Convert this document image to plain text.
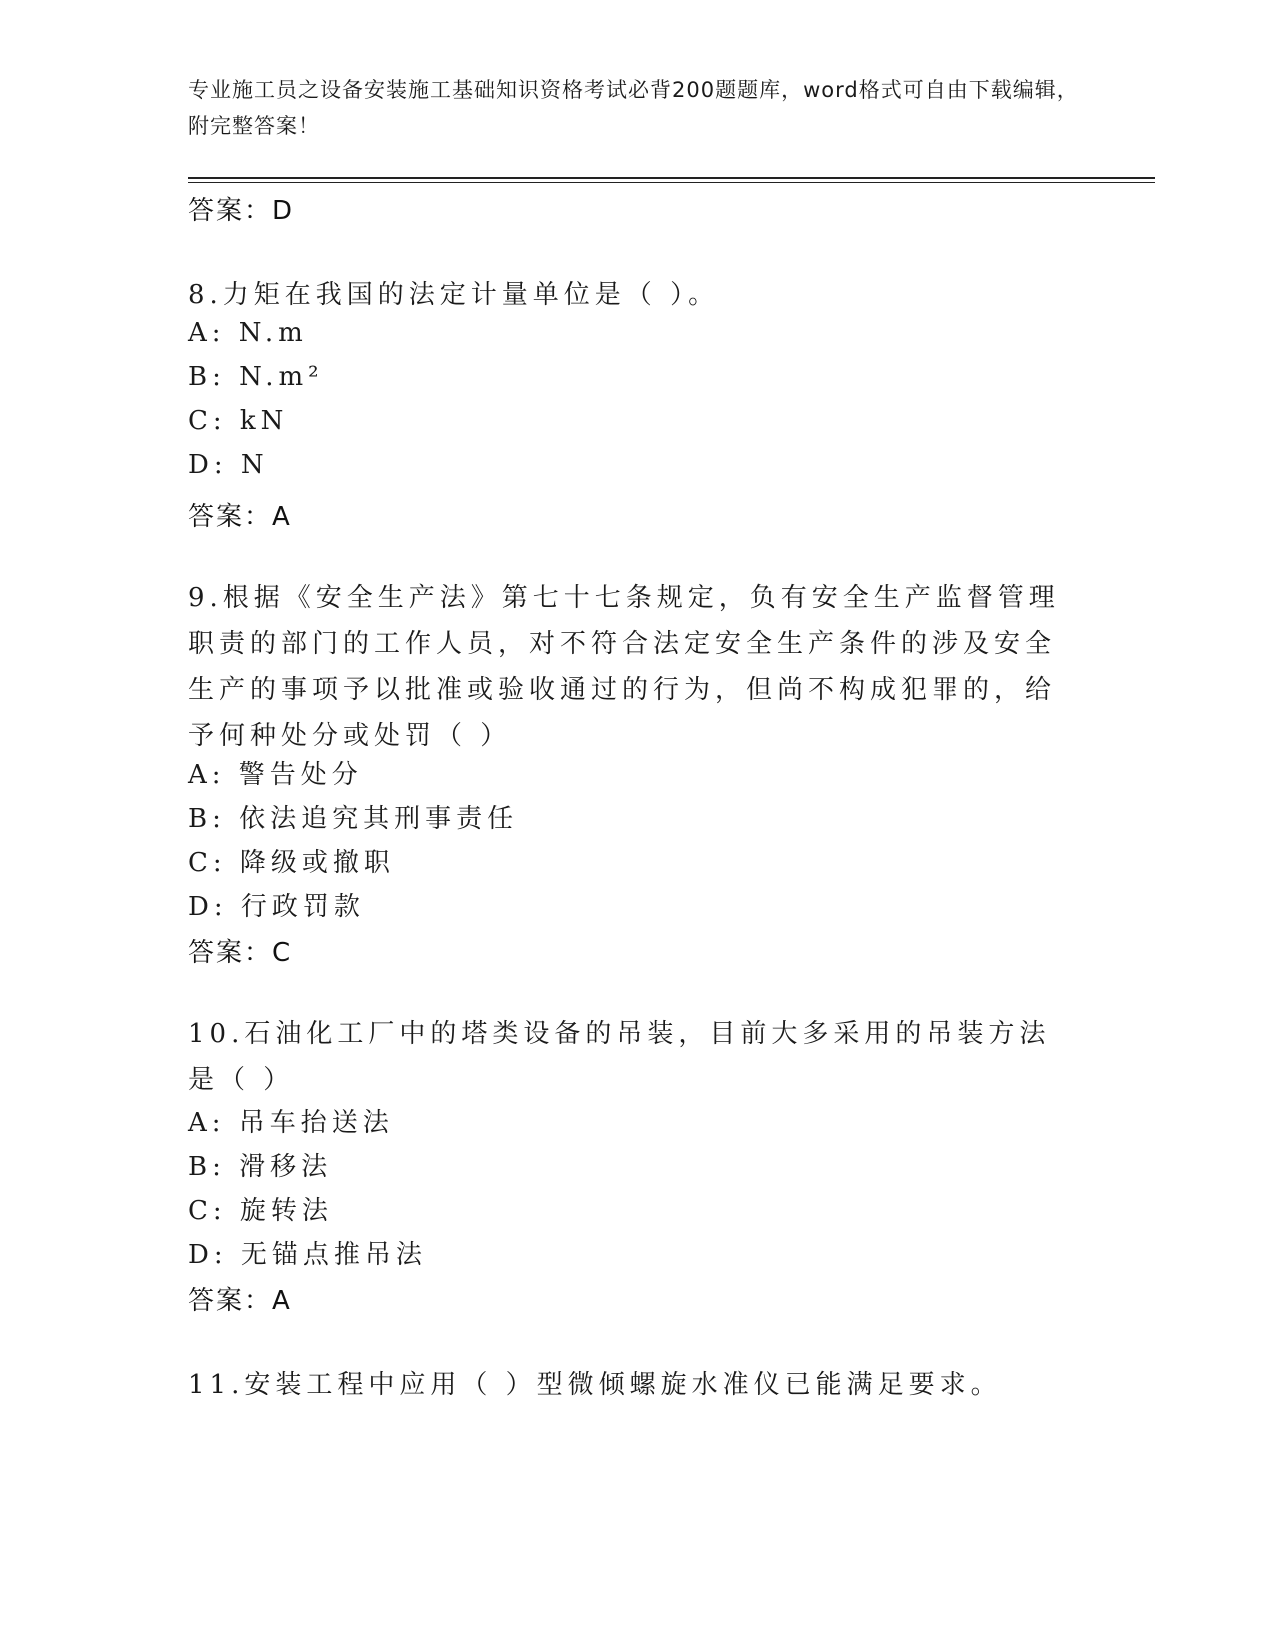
专业施工员之设备安装施工基础知识资格考试必背200题题库，word格式可自由下载编辑，附完整答案！
答案：D
8.力矩在我国的法定计量单位是（ ）。
A: N.m
B: N.m²
C: kN
D: N
答案：A
9.根据《安全生产法》第七十七条规定，负有安全生产监督管理职责的部门的工作人员，对不符合法定安全生产条件的涉及安全生产的事项予以批准或验收通过的行为，但尚不构成犯罪的，给予何种处分或处罚（ ）
A: 警告处分
B: 依法追究其刑事责任
C: 降级或撤职
D: 行政罚款
答案：C
10.石油化工厂中的塔类设备的吊装，目前大多采用的吊装方法是（ ）
A: 吊车抬送法
B: 滑移法
C: 旋转法
D: 无锚点推吊法
答案：A
11.安装工程中应用（ ）型微倾螺旋水准仪已能满足要求。
